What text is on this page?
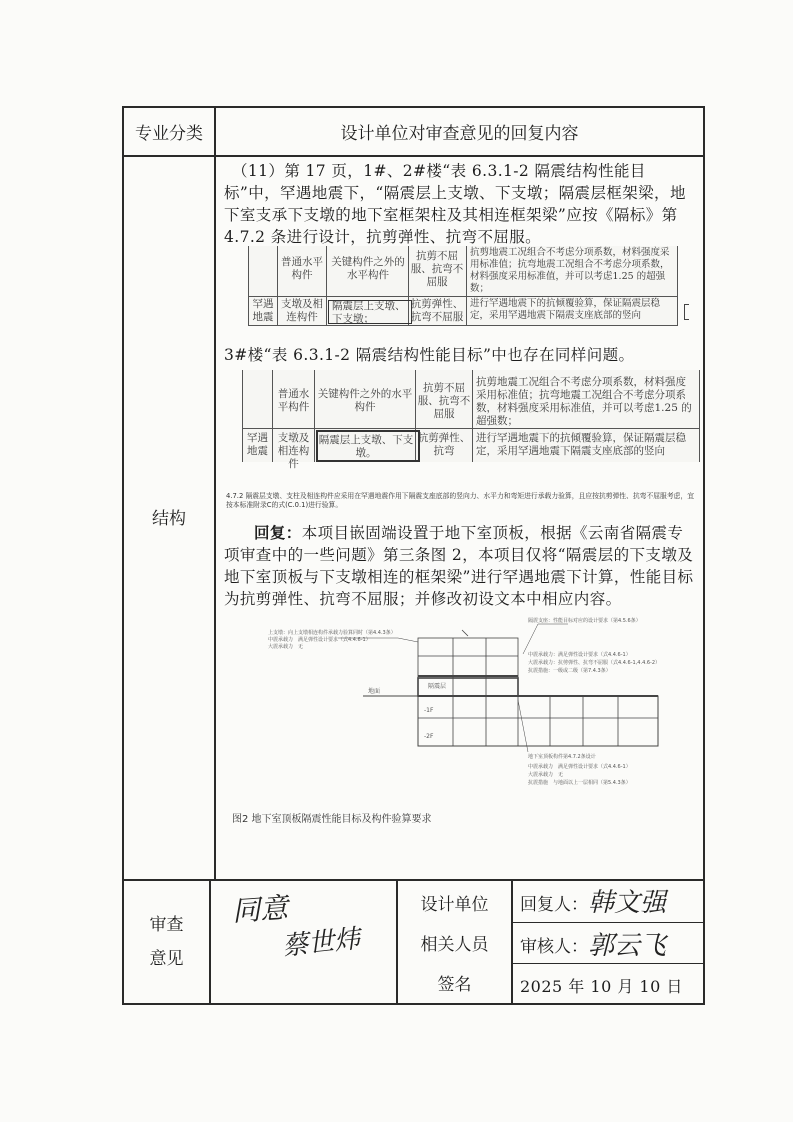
专业分类	设计单位对审查意见的回复内容
结构
（11）第 17 页，1#、2#楼“表 6.3.1-2 隔震结构性能目标”中，罕遇地震下，“隔震层上支墩、下支墩；隔震层框架梁，地下室支承下支墩的地下室框架柱及其相连框架梁”应按《隔标》第 4.7.2 条进行设计，抗剪弹性、抗弯不屈服。
普通水平构件
关键构件之外的水平构件
抗剪不屈服、抗弯不屈服
抗剪地震工况组合不考虑分项系数，材料强度采用标准值；抗弯地震工况组合不考虑分项系数，材料强度采用标准值，并可以考虑1.25 的超强数；
罕遇地震
支墩及相连构件
隔震层上支墩、下支墩；
抗剪弹性、抗弯不屈服
进行罕遇地震下的抗倾覆验算，保证隔震层稳定，采用罕遇地震下隔震支座底部的竖向
3#楼“表 6.3.1-2 隔震结构性能目标”中也存在同样问题。
普通水平构件
关键构件之外的水平构件
抗剪不屈服、抗弯不屈服
抗剪地震工况组合不考虑分项系数，材料强度采用标准值；抗弯地震工况组合不考虑分项系数，材料强度采用标准值，并可以考虑1.25 的超强数；
罕遇地震
支墩及相连构件
隔震层上支墩、下支墩。
抗剪弹性、抗弯
进行罕遇地震下的抗倾覆验算，保证隔震层稳定，采用罕遇地震下隔震支座底部的竖向
4.7.2 隔震层支墩、支柱及相连构件应采用在罕遇地震作用下隔震支座底部的竖向力、水平力和弯矩进行承载力验算，且应按抗剪弹性、抗弯不屈服考虑，宜按本标准附录C的式(C.0.1)进行验算。
回复：本项目嵌固端设置于地下室顶板，根据《云南省隔震专项审查中的一些问题》第三条图 2，本项目仅将“隔震层的下支墩及地下室顶板与下支墩相连的框架梁”进行罕遇地震下计算，性能目标为抗剪弹性、抗弯不屈服；并修改初设文本中相应内容。
上支墩：向上支墩相连构件承载力验算同时（第4.4.3条）
中震承载力　满足弹性设计要求（式4.4.6-1）
大震承载力　无
隔震支座：性能目标对应的设计要求（第4.5.6条）
中震承载力：满足弹性设计要求（式4.4.6-1）
大震承载力：抗剪弹性、抗弯不屈服（式4.4.6-1,4.4.6-2）
抗震措施：一级或二级（第7.4.3条）
隔震层
地面
-1F
-2F
地下室顶板构件第4.7.2条设计
中震承载力　满足弹性设计要求（式4.4.6-1）
大震承载力　无
抗震措施　与地面以上一层相同（第5.4.3条）
图2 地下室顶板隔震性能目标及构件验算要求
审查意见
同意
蔡世炜
设计单位
相关人员
签名
回复人： 韩文强
审核人： 郭云飞
2025 年 10 月 10 日
